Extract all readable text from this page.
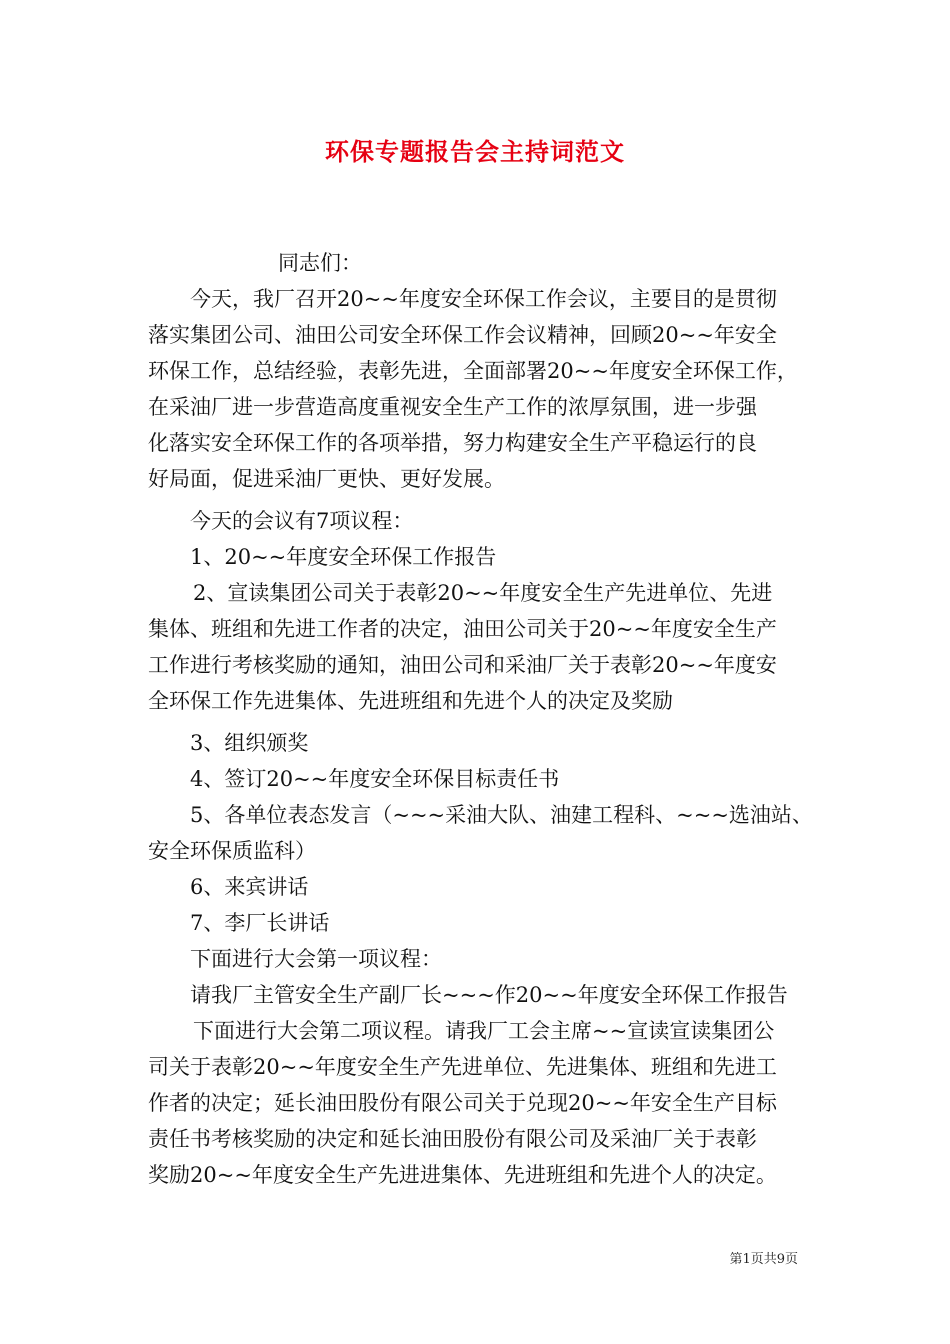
环保专题报告会主持词范文
同志们：
今天，我厂召开20~~年度安全环保工作会议，主要目的是贯彻
落实集团公司、油田公司安全环保工作会议精神，回顾20~~年安全
环保工作，总结经验，表彰先进，全面部署20~~年度安全环保工作，
在采油厂进一步营造高度重视安全生产工作的浓厚氛围，进一步强
化落实安全环保工作的各项举措，努力构建安全生产平稳运行的良
好局面，促进采油厂更快、更好发展。
今天的会议有7项议程：
1、20~~年度安全环保工作报告
2、宣读集团公司关于表彰20~~年度安全生产先进单位、先进
集体、班组和先进工作者的决定，油田公司关于20~~年度安全生产
工作进行考核奖励的通知，油田公司和采油厂关于表彰20~~年度安
全环保工作先进集体、先进班组和先进个人的决定及奖励
3、组织颁奖
4、签订20~~年度安全环保目标责任书
5、各单位表态发言（~~~采油大队、油建工程科、~~~选油站、
安全环保质监科）
6、来宾讲话
7、李厂长讲话
下面进行大会第一项议程：
请我厂主管安全生产副厂长~~~作20~~年度安全环保工作报告
下面进行大会第二项议程。请我厂工会主席~~宣读宣读集团公
司关于表彰20~~年度安全生产先进单位、先进集体、班组和先进工
作者的决定；延长油田股份有限公司关于兑现20~~年安全生产目标
责任书考核奖励的决定和延长油田股份有限公司及采油厂关于表彰
奖励20~~年度安全生产先进进集体、先进班组和先进个人的决定。
第1页共9页
